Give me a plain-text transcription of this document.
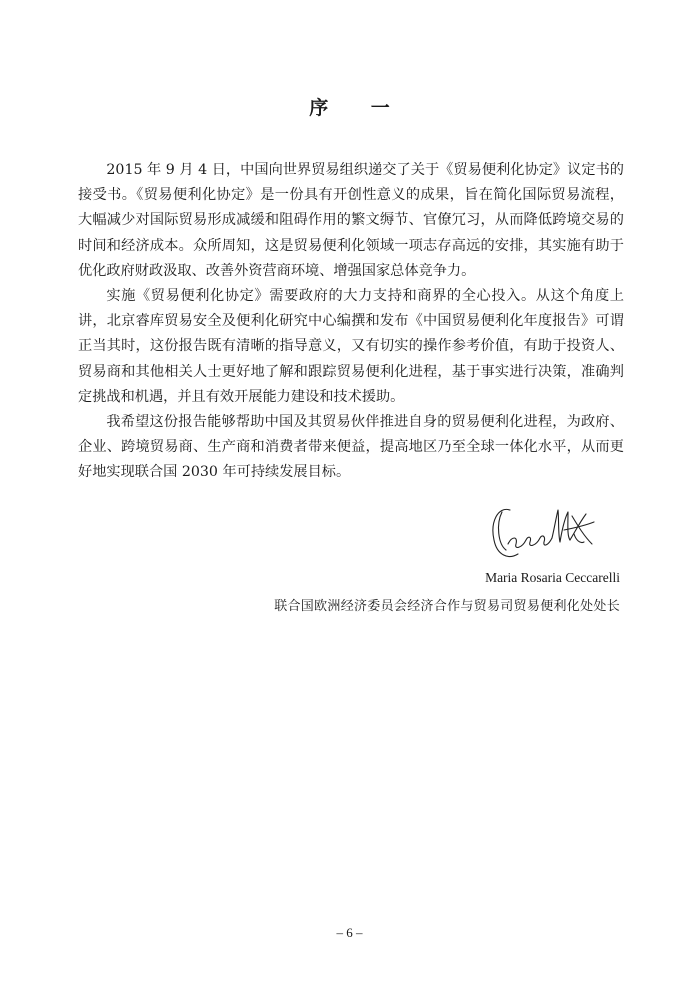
序 一

2015 年 9 月 4 日，中国向世界贸易组织递交了关于《贸易便利化协定》议定书的接受书。《贸易便利化协定》是一份具有开创性意义的成果，旨在简化国际贸易流程，大幅减少对国际贸易形成减缓和阻碍作用的繁文缛节、官僚冗习，从而降低跨境交易的时间和经济成本。众所周知，这是贸易便利化领域一项志存高远的安排，其实施有助于优化政府财政汲取、改善外资营商环境、增强国家总体竞争力。

实施《贸易便利化协定》需要政府的大力支持和商界的全心投入。从这个角度上讲，北京睿库贸易安全及便利化研究中心编撰和发布《中国贸易便利化年度报告》可谓正当其时，这份报告既有清晰的指导意义，又有切实的操作参考价值，有助于投资人、贸易商和其他相关人士更好地了解和跟踪贸易便利化进程，基于事实进行决策，准确判定挑战和机遇，并且有效开展能力建设和技术援助。

我希望这份报告能够帮助中国及其贸易伙伴推进自身的贸易便利化进程，为政府、企业、跨境贸易商、生产商和消费者带来便益，提高地区乃至全球一体化水平，从而更好地实现联合国 2030 年可持续发展目标。

Maria Rosaria Ceccarelli
联合国欧洲经济委员会经济合作与贸易司贸易便利化处处长
– 6 –
